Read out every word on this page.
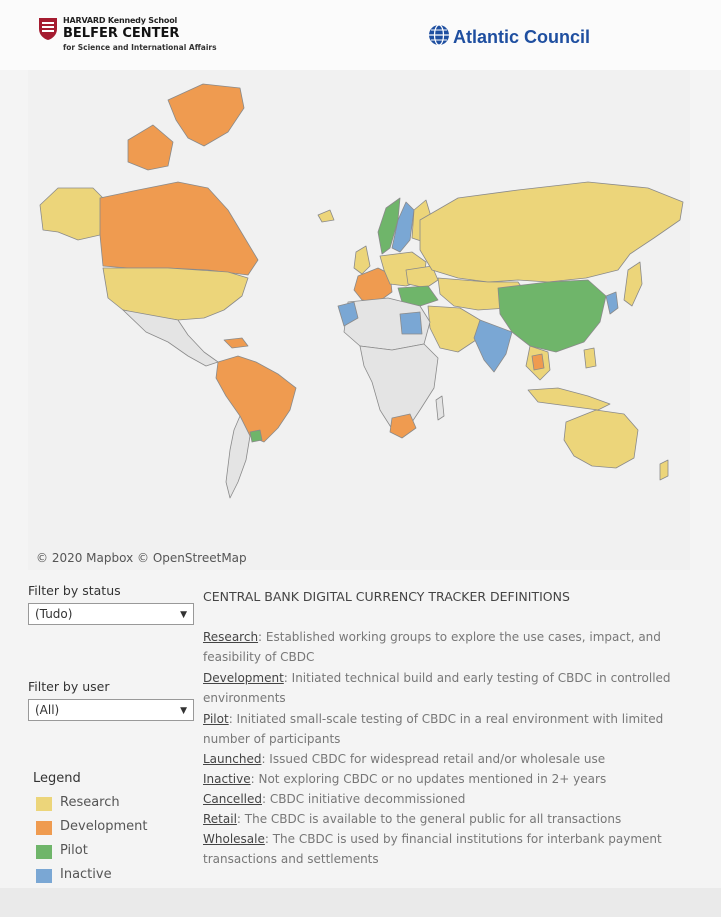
HARVARD Kennedy School
BELFER CENTER
for Science and International Affairs
Atlantic Council
© 2020 Mapbox © OpenStreetMap
Filter by status
(Tudo)	▼
Filter by user
(All)	▼
Legend
Research
Development
Pilot
Inactive
CENTRAL BANK DIGITAL CURRENCY TRACKER DEFINITIONS
Research: Established working groups to explore the use cases, impact, and feasibility of CBDC
Development: Initiated technical build and early testing of CBDC in controlled environments
Pilot: Initiated small-scale testing of CBDC in a real environment with limited number of participants
Launched: Issued CBDC for widespread retail and/or wholesale use
Inactive: Not exploring CBDC or no updates mentioned in 2+ years
Cancelled: CBDC initiative decommissioned
Retail: The CBDC is available to the general public for all transactions
Wholesale: The CBDC is used by financial institutions for interbank payment transactions and settlements
